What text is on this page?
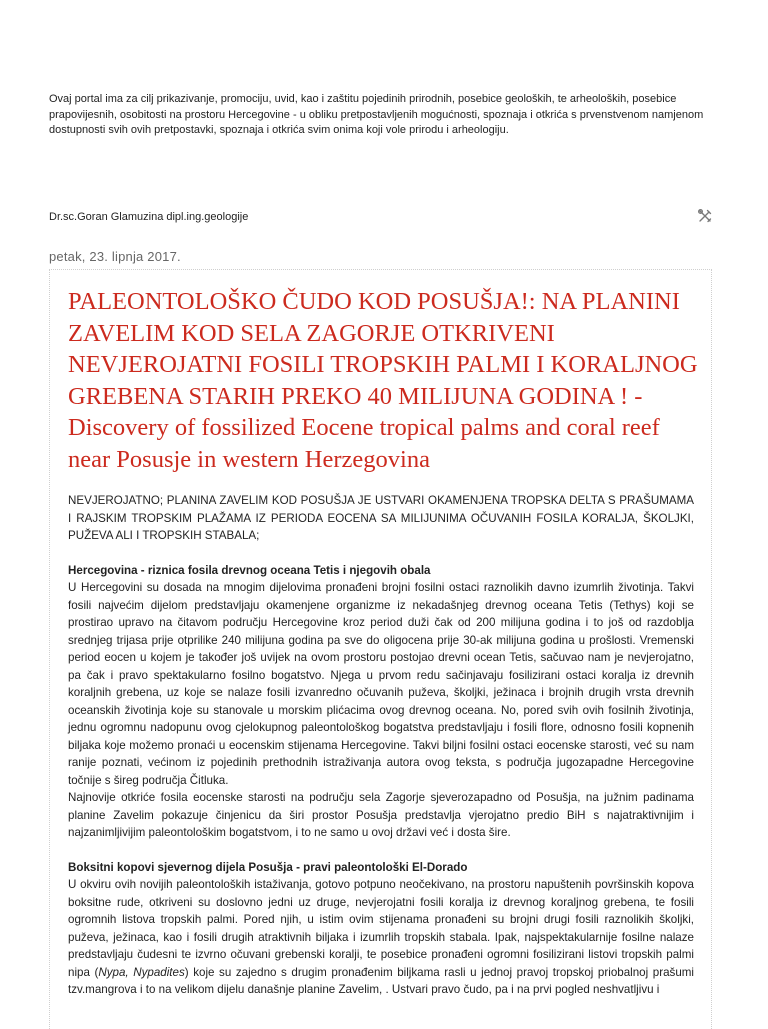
Ovaj portal ima za cilj prikazivanje, promociju, uvid, kao i zaštitu pojedinih prirodnih, posebice geoloških, te arheoloških, posebice prapovijesnih, osobitosti na prostoru Hercegovine - u obliku pretpostavljenih mogućnosti, spoznaja i otkrića s prvenstvenom namjenom dostupnosti svih ovih pretpostavki, spoznaja i otkrića svim onima koji vole prirodu i arheologiju.
Dr.sc.Goran Glamuzina dipl.ing.geologije
petak, 23. lipnja 2017.
PALEONTOLOŠKO ČUDO KOD POSUŠJA!: NA PLANINI ZAVELIM KOD SELA ZAGORJE OTKRIVENI NEVJEROJATNI FOSILI TROPSKIH PALMI I KORALJNOG GREBENA STARIH PREKO 40 MILIJUNA GODINA ! - Discovery of fossilized Eocene tropical palms and coral reef near Posusje in western Herzegovina

NEVJEROJATNO; PLANINA ZAVELIM KOD POSUŠJA JE USTVARI OKAMENJENA TROPSKA DELTA S PRAŠUMAMA I RAJSKIM TROPSKIM PLAŽAMA IZ PERIODA EOCENA SA MILIJUNIMA OČUVANIH FOSILA KORALJA, ŠKOLJKI, PUŽEVA ALI I TROPSKIH STABALA;

Hercegovina - riznica fosila drevnog oceana Tetis i njegovih obala

U Hercegovini su dosada na mnogim dijelovima pronađeni brojni fosilni ostaci raznolikih davno izumrlih životinja. Takvi fosili najvećim dijelom predstavljaju okamenjene organizme iz nekadašnjeg drevnog oceana Tetis (Tethys) koji se prostirao upravo na čitavom području Hercegovine kroz period duži čak od 200 milijuna godina i to još od razdoblja srednjeg trijasa prije otprilike 240 milijuna godina pa sve do oligocena prije 30-ak milijuna godina u prošlosti. Vremenski period eocen u kojem je također još uvijek na ovom prostoru postojao drevni ocean Tetis, sačuvao nam je nevjerojatno, pa čak i pravo spektakularno fosilno bogatstvo. Njega u prvom redu sačinjavaju fosilizirani ostaci koralja iz drevnih koraljnih grebena, uz koje se nalaze fosili izvanredno očuvanih puževa, školjki, ježinaca i brojnih drugih vrsta drevnih oceanskih životinja koje su stanovale u morskim plićacima ovog drevnog oceana. No, pored svih ovih fosilnih životinja, jednu ogromnu nadopunu ovog cjelokupnog paleontološkog bogatstva predstavljaju i fosili flore, odnosno fosili kopnenih biljaka koje možemo pronaći u eocenskim stijenama Hercegovine. Takvi biljni fosilni ostaci eocenske starosti, već su nam ranije poznati, većinom iz pojedinih prethodnih istraživanja autora ovog teksta, s područja jugozapadne Hercegovine točnije s šireg područja Čitluka.

Najnovije otkriće fosila eocenske starosti na području sela Zagorje sjeverozapadno od Posušja, na južnim padinama planine Zavelim pokazuje činjenicu da širi prostor Posušja predstavlja vjerojatno predio BiH s najatraktivnijim i najzanimljivijim paleontološkim bogatstvom, i to ne samo u ovoj državi već i dosta šire.

Boksitni kopovi sjevernog dijela Posušja - pravi paleontološki El-Dorado

U okviru ovih novijih paleontoloških istaživanja, gotovo potpuno neočekivano, na prostoru napuštenih površinskih kopova boksitne rude, otkriveni su doslovno jedni uz druge, nevjerojatni fosili koralja iz drevnog koraljnog grebena, te fosili ogromnih listova tropskih palmi. Pored njih, u istim ovim stijenama pronađeni su brojni drugi fosili raznolikih školjki, puževa, ježinaca, kao i fosili drugih atraktivnih biljaka i izumrlih tropskih stabala. Ipak, najspektakularnije fosilne nalaze predstavljaju čudesni te izvrno očuvani grebenski koralji, te posebice pronađeni ogromni fosilizirani listovi tropskih palmi nipa (Nypa, Nypadites) koje su zajedno s drugim pronađenim biljkama rasli u jednoj pravoj tropskoj priobalnoj prašumi tzv.mangrova i to na velikom dijelu današnje planine Zavelim, . Ustvari pravo čudo, pa i na prvi pogled neshvatljivu i
